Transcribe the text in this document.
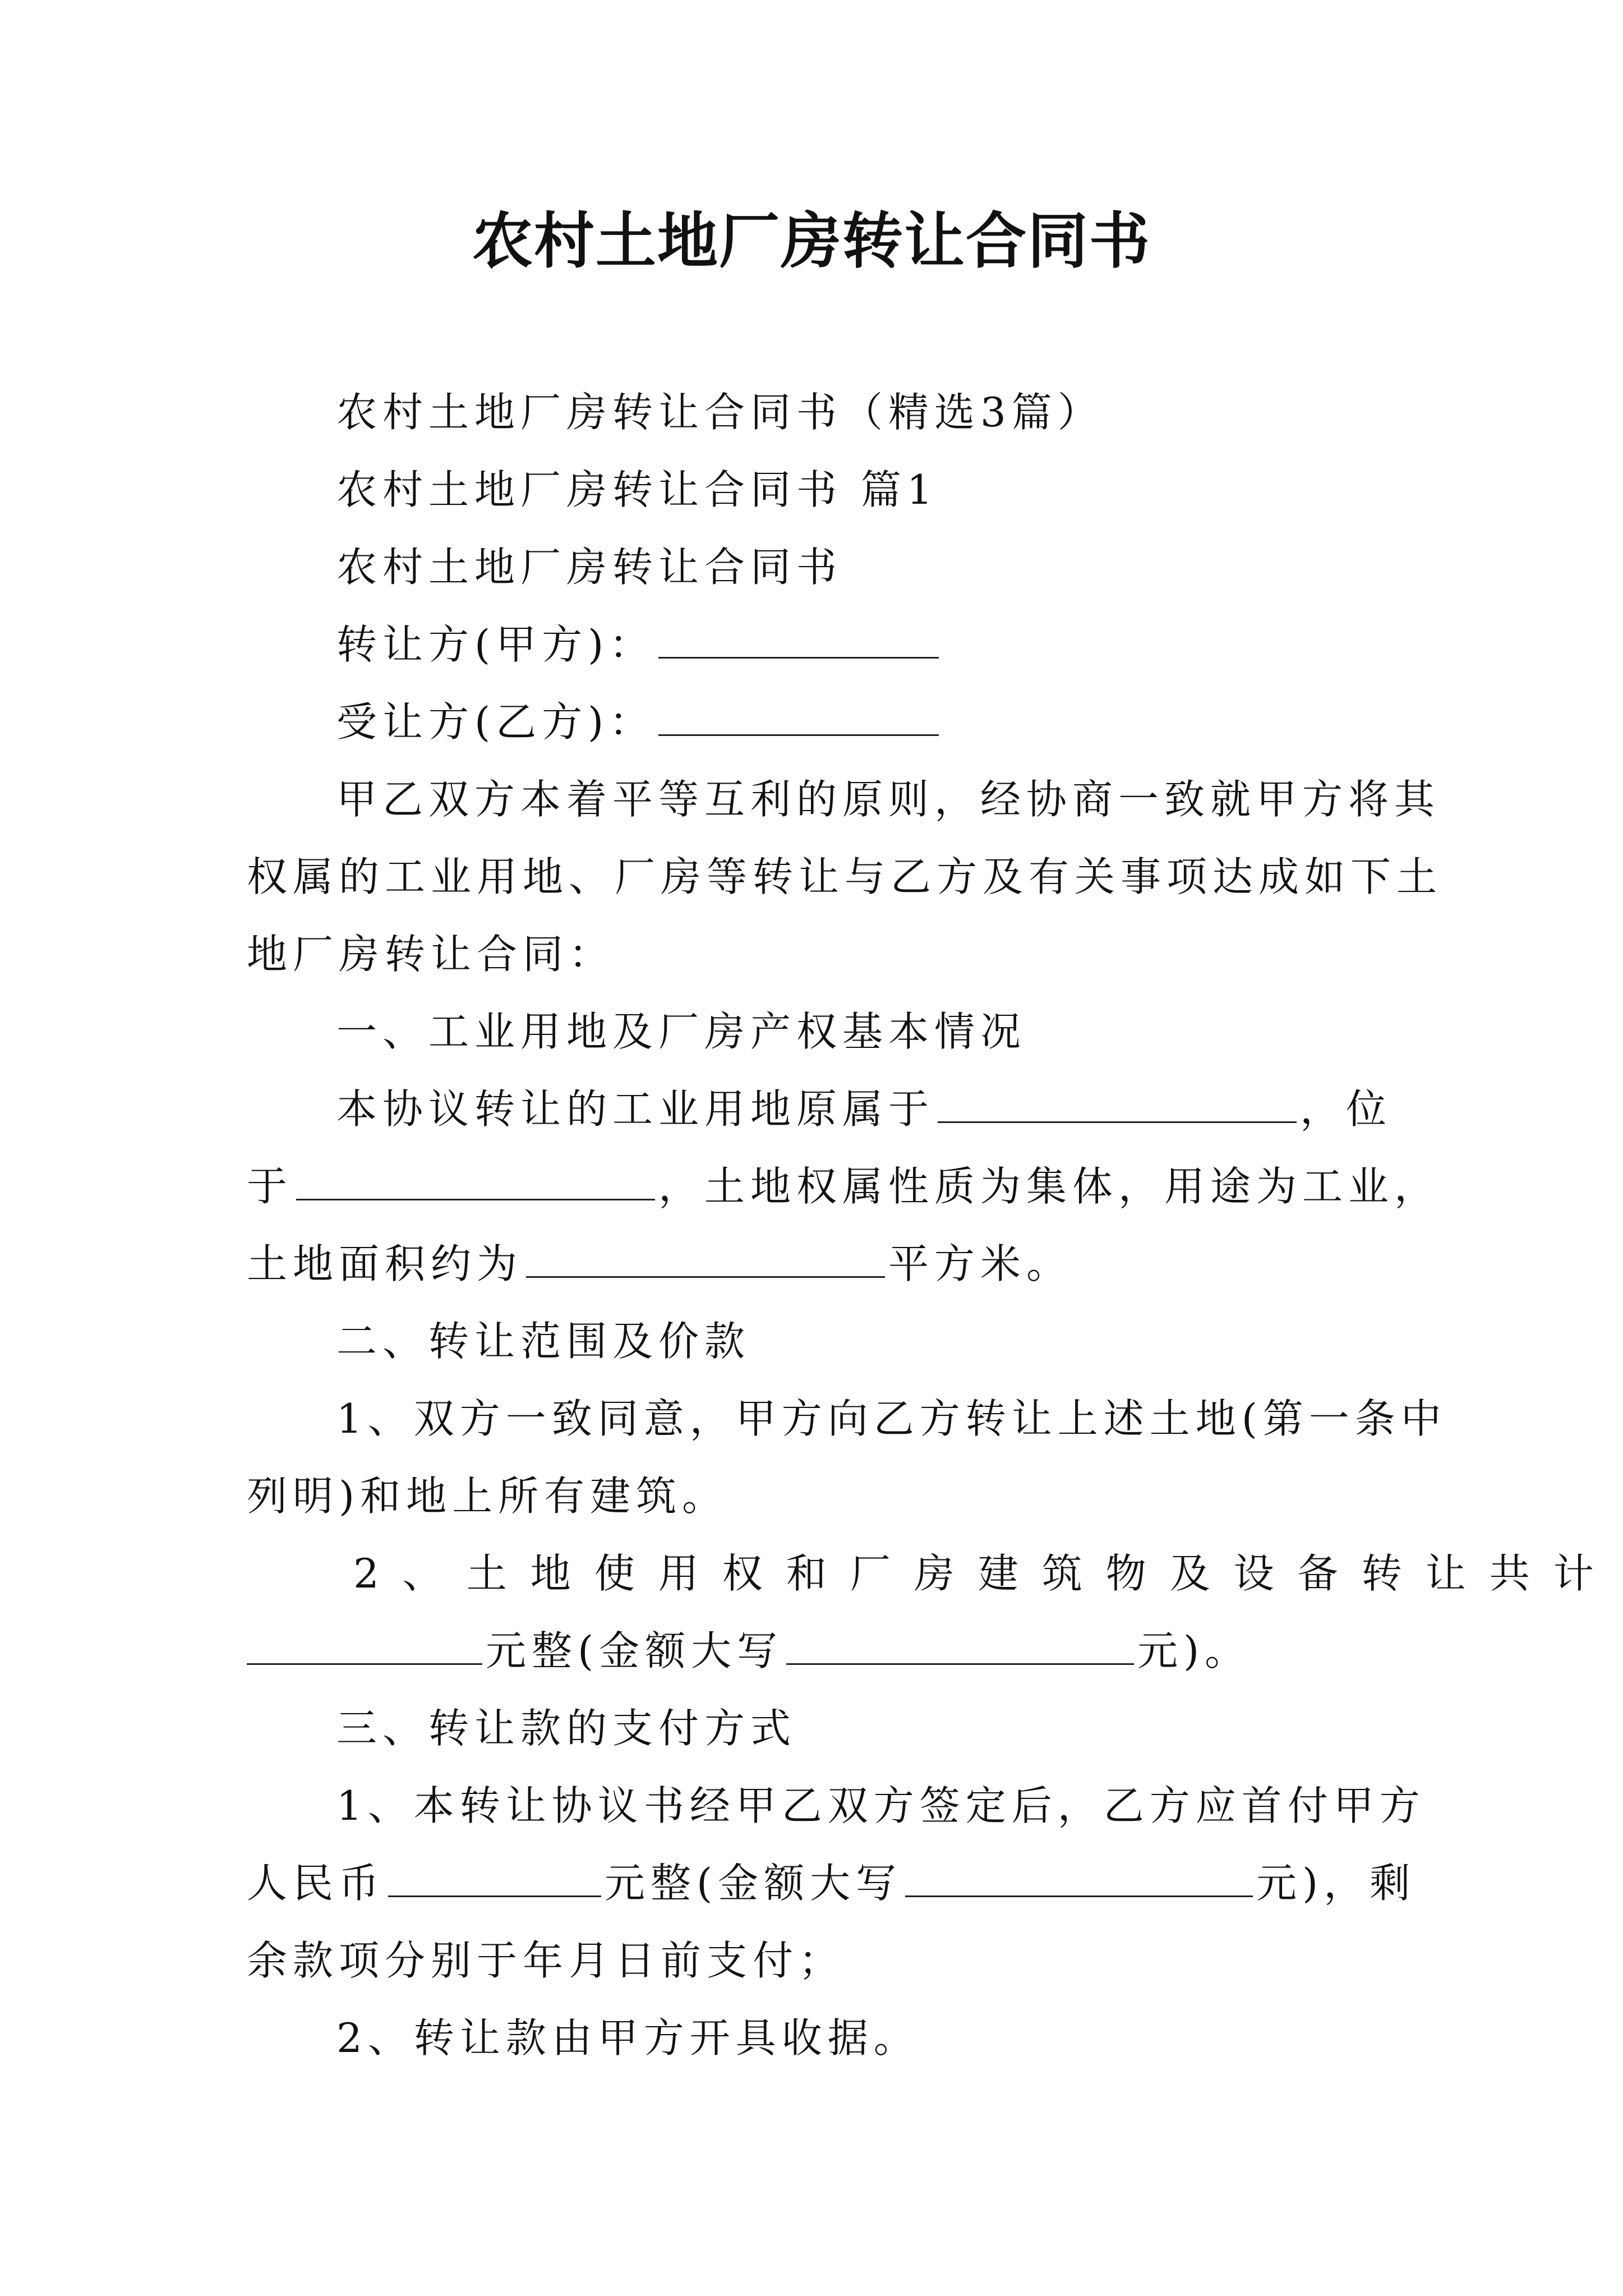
农村土地厂房转让合同书
农村土地厂房转让合同书（精选3篇）
农村土地厂房转让合同书 篇1
农村土地厂房转让合同书
转让方(甲方)：
受让方(乙方)：
甲乙双方本着平等互利的原则，经协商一致就甲方将其
权属的工业用地、厂房等转让与乙方及有关事项达成如下土
地厂房转让合同：
一、工业用地及厂房产权基本情况
本协议转让的工业用地原属于	，位
于	，土地权属性质为集体，用途为工业，
土地面积约为	平方米。
二、转让范围及价款
1、双方一致同意，甲方向乙方转让上述土地(第一条中
列明)和地上所有建筑。
2、土地使用权和厂房建筑物及设备转让共计
元整(金额大写	元)。
三、转让款的支付方式
1、本转让协议书经甲乙双方签定后，乙方应首付甲方
人民币	元整(金额大写	元)，剩
余款项分别于年月日前支付；
2、转让款由甲方开具收据。
